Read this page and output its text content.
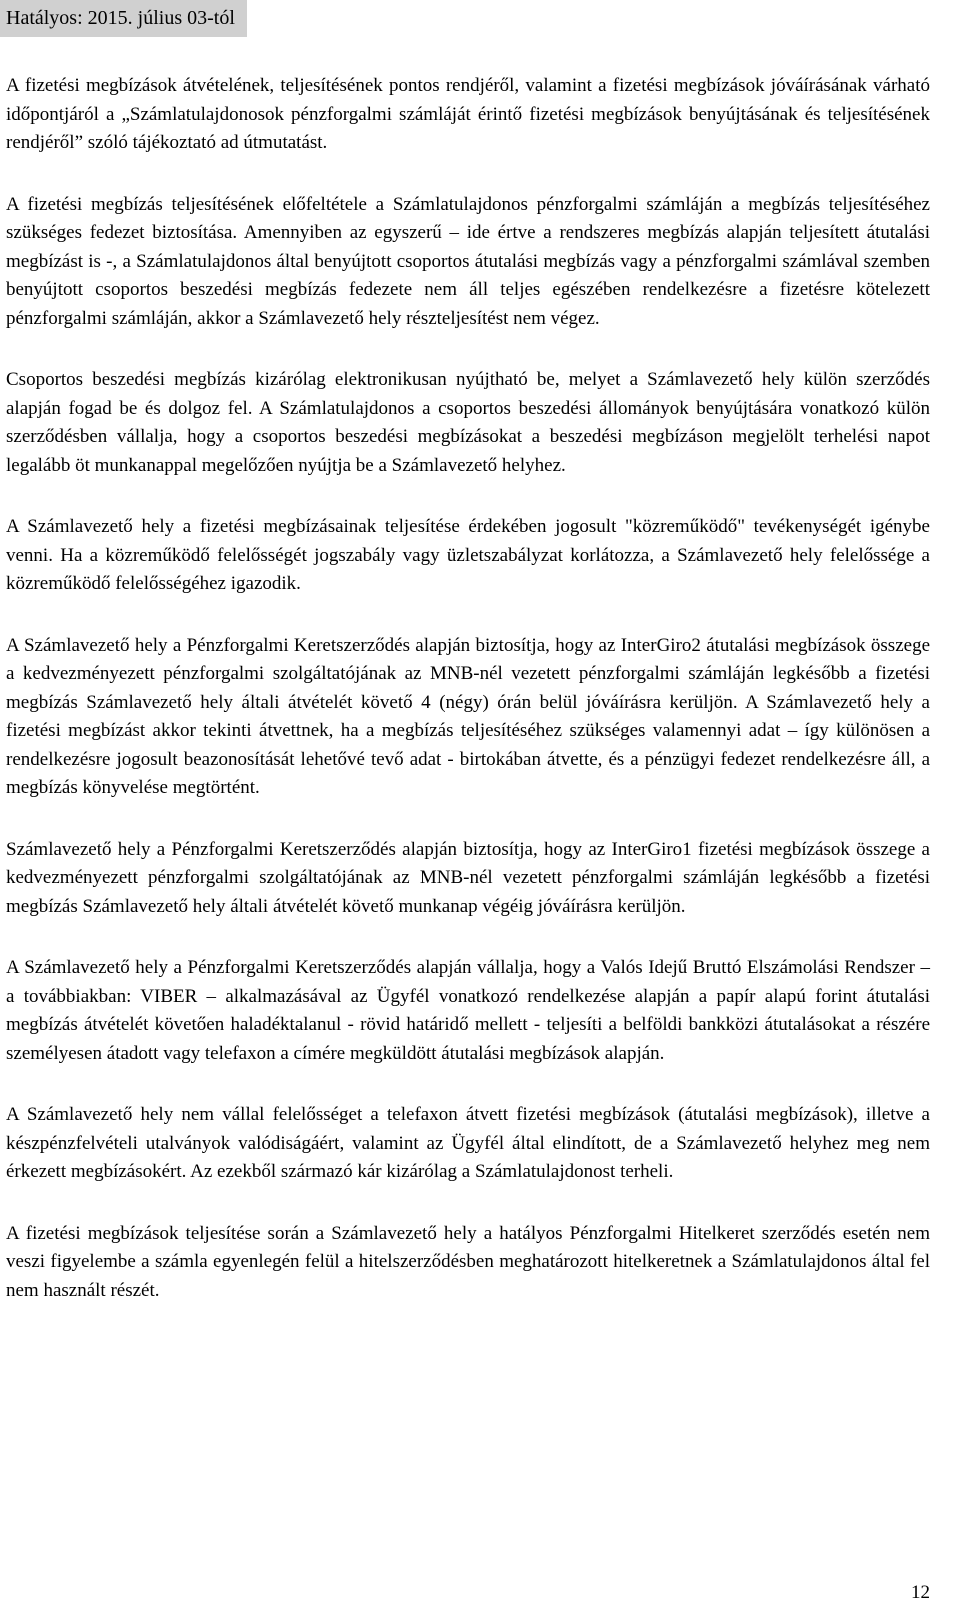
Hatályos: 2015. július 03-tól

A fizetési megbízások átvételének, teljesítésének pontos rendjéről, valamint a fizetési megbízások jóváírásának várható időpontjáról a „Számlatulajdonosok pénzforgalmi számláját érintő fizetési megbízások benyújtásának és teljesítésének rendjéről” szóló tájékoztató ad útmutatást.

A fizetési megbízás teljesítésének előfeltétele a Számlatulajdonos pénzforgalmi számláján a megbízás teljesítéséhez szükséges fedezet biztosítása. Amennyiben az egyszerű – ide értve a rendszeres megbízás alapján teljesített átutalási megbízást is -, a Számlatulajdonos által benyújtott csoportos átutalási megbízás vagy a pénzforgalmi számlával szemben benyújtott csoportos beszedési megbízás fedezete nem áll teljes egészében rendelkezésre a fizetésre kötelezett pénzforgalmi számláján, akkor a Számlavezető hely részteljesítést nem végez.

Csoportos beszedési megbízás kizárólag elektronikusan nyújtható be, melyet a Számlavezető hely külön szerződés alapján fogad be és dolgoz fel. A Számlatulajdonos a csoportos beszedési állományok benyújtására vonatkozó külön szerződésben vállalja, hogy a csoportos beszedési megbízásokat a beszedési megbízáson megjelölt terhelési napot legalább öt munkanappal megelőzően nyújtja be a Számlavezető helyhez.

A Számlavezető hely a fizetési megbízásainak teljesítése érdekében jogosult "közreműködő" tevékenységét igénybe venni. Ha a közreműködő felelősségét jogszabály vagy üzletszabályzat korlátozza, a Számlavezető hely felelőssége a közreműködő felelősségéhez igazodik.

A Számlavezető hely a Pénzforgalmi Keretszerződés alapján biztosítja, hogy az InterGiro2 átutalási megbízások összege a kedvezményezett pénzforgalmi szolgáltatójának az MNB-nél vezetett pénzforgalmi számláján legkésőbb a fizetési megbízás Számlavezető hely általi átvételét követő 4 (négy) órán belül jóváírásra kerüljön. A Számlavezető hely a fizetési megbízást akkor tekinti átvettnek, ha a megbízás teljesítéséhez szükséges valamennyi adat – így különösen a rendelkezésre jogosult beazonosítását lehetővé tevő adat - birtokában átvette, és a pénzügyi fedezet rendelkezésre áll, a megbízás könyvelése megtörtént.

Számlavezető hely a Pénzforgalmi Keretszerződés alapján biztosítja, hogy az InterGiro1 fizetési megbízások összege a kedvezményezett pénzforgalmi szolgáltatójának az MNB-nél vezetett pénzforgalmi számláján legkésőbb a fizetési megbízás Számlavezető hely általi átvételét követő munkanap végéig jóváírásra kerüljön.

A Számlavezető hely a Pénzforgalmi Keretszerződés alapján vállalja, hogy a Valós Idejű Bruttó Elszámolási Rendszer – a továbbiakban: VIBER – alkalmazásával az Ügyfél vonatkozó rendelkezése alapján a papír alapú forint átutalási megbízás átvételét követően haladéktalanul - rövid határidő mellett - teljesíti a belföldi bankközi átutalásokat a részére személyesen átadott vagy telefaxon a címére megküldött átutalási megbízások alapján.

A Számlavezető hely nem vállal felelősséget a telefaxon átvett fizetési megbízások (átutalási megbízások), illetve a készpénzfelvételi utalványok valódiságáért, valamint az Ügyfél által elindított, de a Számlavezető helyhez meg nem érkezett megbízásokért. Az ezekből származó kár kizárólag a Számlatulajdonost terheli.

A fizetési megbízások teljesítése során a Számlavezető hely a hatályos Pénzforgalmi Hitelkeret szerződés esetén nem veszi figyelembe a számla egyenlegén felül a hitelszerződésben meghatározott hitelkeretnek a Számlatulajdonos által fel nem használt részét.

12
